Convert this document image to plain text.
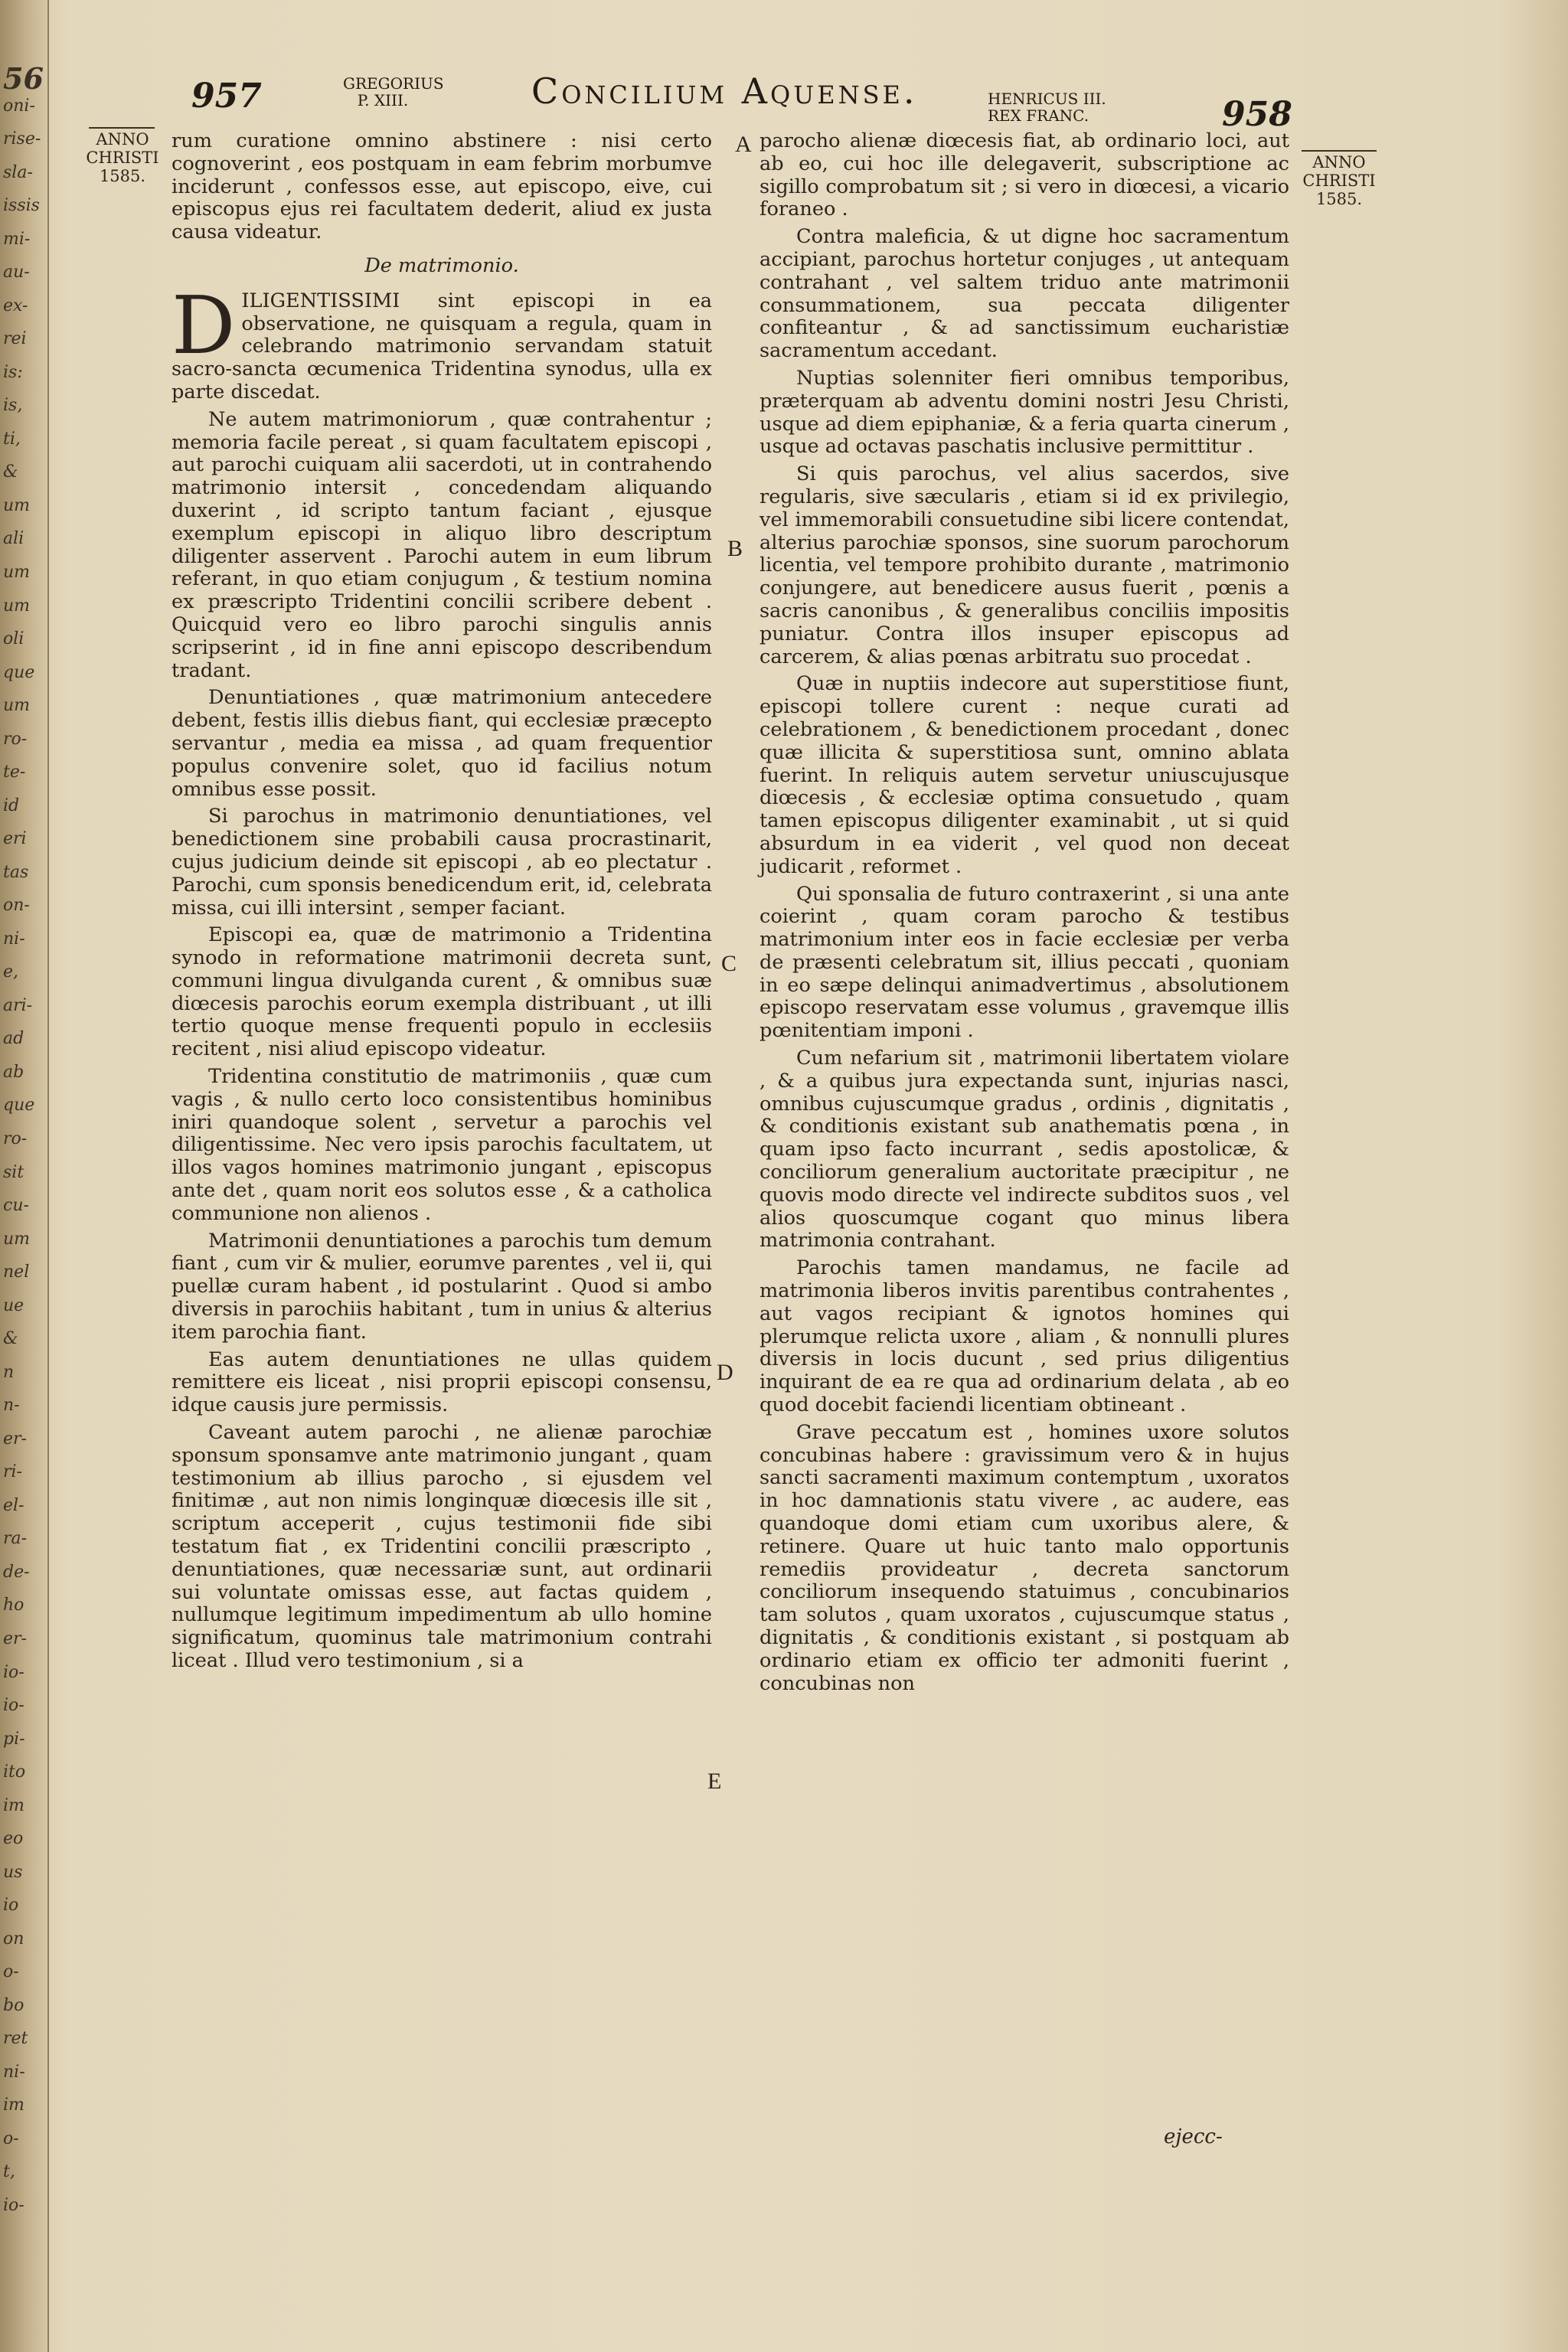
56
oni-
rise-
sla-
issis
mi-
au-
ex-
rei
is:
is,
ti,
&
um
ali
um
um
oli
que
um
ro-
te-
id
eri
tas
on-
ni-
e,
ari-
ad
ab
que
ro-
sit
cu-
um
nel
ue
&
n
n-
er-
ri-
el-
ra-
de-
ho
er-
io-
io-
pi-
ito
im
eo
us
io
on
o-
bo
ret
ni-
im
o-
t,
io-
957	GREGORIUS
P. XIII.	Concilium Aquense.	HENRICUS III.
REX FRANC.	958
ANNO
CHRISTI
1585.
ANNO
CHRISTI
1585.
A
B
C
D
E

rum curatione omnino abstinere : nisi certo cognoverint , eos postquam in eam febrim morbumve inciderunt , confessos esse, aut episcopo, eive, cui episcopus ejus rei facultatem dederit, aliud ex justa causa videatur.

De matrimonio.

DILIGENTISSIMI sint episcopi in ea observatione, ne quisquam a regula, quam in celebrando matrimonio servandam statuit sacro-sancta œcumenica Tridentina synodus, ulla ex parte discedat.

Ne autem matrimoniorum , quæ contrahentur ; memoria facile pereat , si quam facultatem episcopi , aut parochi cuiquam alii sacerdoti, ut in contrahendo matrimonio intersit , concedendam aliquando duxerint , id scripto tantum faciant , ejusque exemplum episcopi in aliquo libro descriptum diligenter asservent . Parochi autem in eum librum referant, in quo etiam conjugum , & testium nomina ex præscripto Tridentini concilii scribere debent . Quicquid vero eo libro parochi singulis annis scripserint , id in fine anni episcopo describendum tradant.

Denuntiationes , quæ matrimonium antecedere debent, festis illis diebus fiant, qui ecclesiæ præcepto servantur , media ea missa , ad quam frequentior populus convenire solet, quo id facilius notum omnibus esse possit.

Si parochus in matrimonio denuntiationes, vel benedictionem sine probabili causa procrastinarit, cujus judicium deinde sit episcopi , ab eo plectatur . Parochi, cum sponsis benedicendum erit, id, celebrata missa, cui illi intersint , semper faciant.

Episcopi ea, quæ de matrimonio a Tridentina synodo in reformatione matrimonii decreta sunt, communi lingua divulganda curent , & omnibus suæ diœcesis parochis eorum exempla distribuant , ut illi tertio quoque mense frequenti populo in ecclesiis recitent , nisi aliud episcopo videatur.

Tridentina constitutio de matrimoniis , quæ cum vagis , & nullo certo loco consistentibus hominibus iniri quandoque solent , servetur a parochis vel diligentissime. Nec vero ipsis parochis facultatem, ut illos vagos homines matrimonio jungant , episcopus ante det , quam norit eos solutos esse , & a catholica communione non alienos .

Matrimonii denuntiationes a parochis tum demum fiant , cum vir & mulier, eorumve parentes , vel ii, qui puellæ curam habent , id postularint . Quod si ambo diversis in parochiis habitant , tum in unius & alterius item parochia fiant.

Eas autem denuntiationes ne ullas quidem remittere eis liceat , nisi proprii episcopi consensu, idque causis jure permissis.

Caveant autem parochi , ne alienæ parochiæ sponsum sponsamve ante matrimonio jungant , quam testimonium ab illius parocho , si ejusdem vel finitimæ , aut non nimis longinquæ diœcesis ille sit , scriptum acceperit , cujus testimonii fide sibi testatum fiat , ex Tridentini concilii præscripto , denuntiationes, quæ necessariæ sunt, aut ordinarii sui voluntate omissas esse, aut factas quidem , nullumque legitimum impedimentum ab ullo homine significatum, quominus tale matrimonium contrahi liceat . Illud vero testimonium , si a

parocho alienæ diœcesis fiat, ab ordinario loci, aut ab eo, cui hoc ille delegaverit, subscriptione ac sigillo comprobatum sit ; si vero in diœcesi, a vicario foraneo .

Contra maleficia, & ut digne hoc sacramentum accipiant, parochus hortetur conjuges , ut antequam contrahant , vel saltem triduo ante matrimonii consummationem, sua peccata diligenter confiteantur , & ad sanctissimum eucharistiæ sacramentum accedant.

Nuptias solenniter fieri omnibus temporibus, præterquam ab adventu domini nostri Jesu Christi, usque ad diem epiphaniæ, & a feria quarta cinerum , usque ad octavas paschatis inclusive permittitur .

Si quis parochus, vel alius sacerdos, sive regularis, sive sæcularis , etiam si id ex privilegio, vel immemorabili consuetudine sibi licere contendat, alterius parochiæ sponsos, sine suorum parochorum licentia, vel tempore prohibito durante , matrimonio conjungere, aut benedicere ausus fuerit , pœnis a sacris canonibus , & generalibus conciliis impositis puniatur. Contra illos insuper episcopus ad carcerem, & alias pœnas arbitratu suo procedat .

Quæ in nuptiis indecore aut superstitiose fiunt, episcopi tollere curent : neque curati ad celebrationem , & benedictionem procedant , donec quæ illicita & superstitiosa sunt, omnino ablata fuerint. In reliquis autem servetur uniuscujusque diœcesis , & ecclesiæ optima consuetudo , quam tamen episcopus diligenter examinabit , ut si quid absurdum in ea viderit , vel quod non deceat judicarit , reformet .

Qui sponsalia de futuro contraxerint , si una ante coierint , quam coram parocho & testibus matrimonium inter eos in facie ecclesiæ per verba de præsenti celebratum sit, illius peccati , quoniam in eo sæpe delinqui animadvertimus , absolutionem episcopo reservatam esse volumus , gravemque illis pœnitentiam imponi .

Cum nefarium sit , matrimonii libertatem violare , & a quibus jura expectanda sunt, injurias nasci, omnibus cujuscumque gradus , ordinis , dignitatis , & conditionis existant sub anathematis pœna , in quam ipso facto incurrant , sedis apostolicæ, & conciliorum generalium auctoritate præcipitur , ne quovis modo directe vel indirecte subditos suos , vel alios quoscumque cogant quo minus libera matrimonia contrahant.

Parochis tamen mandamus, ne facile ad matrimonia liberos invitis parentibus contrahentes , aut vagos recipiant & ignotos homines qui plerumque relicta uxore , aliam , & nonnulli plures diversis in locis ducunt , sed prius diligentius inquirant de ea re qua ad ordinarium delata , ab eo quod docebit faciendi licentiam obtineant .

Grave peccatum est , homines uxore solutos concubinas habere : gravissimum vero & in hujus sancti sacramenti maximum contemptum , uxoratos in hoc damnationis statu vivere , ac audere, eas quandoque domi etiam cum uxoribus alere, & retinere. Quare ut huic tanto malo opportunis remediis provideatur , decreta sanctorum conciliorum insequendo statuimus , concubinarios tam solutos , quam uxoratos , cujuscumque status , dignitatis , & conditionis existant , si postquam ab ordinario etiam ex officio ter admoniti fuerint , concubinas non

ejecc-
